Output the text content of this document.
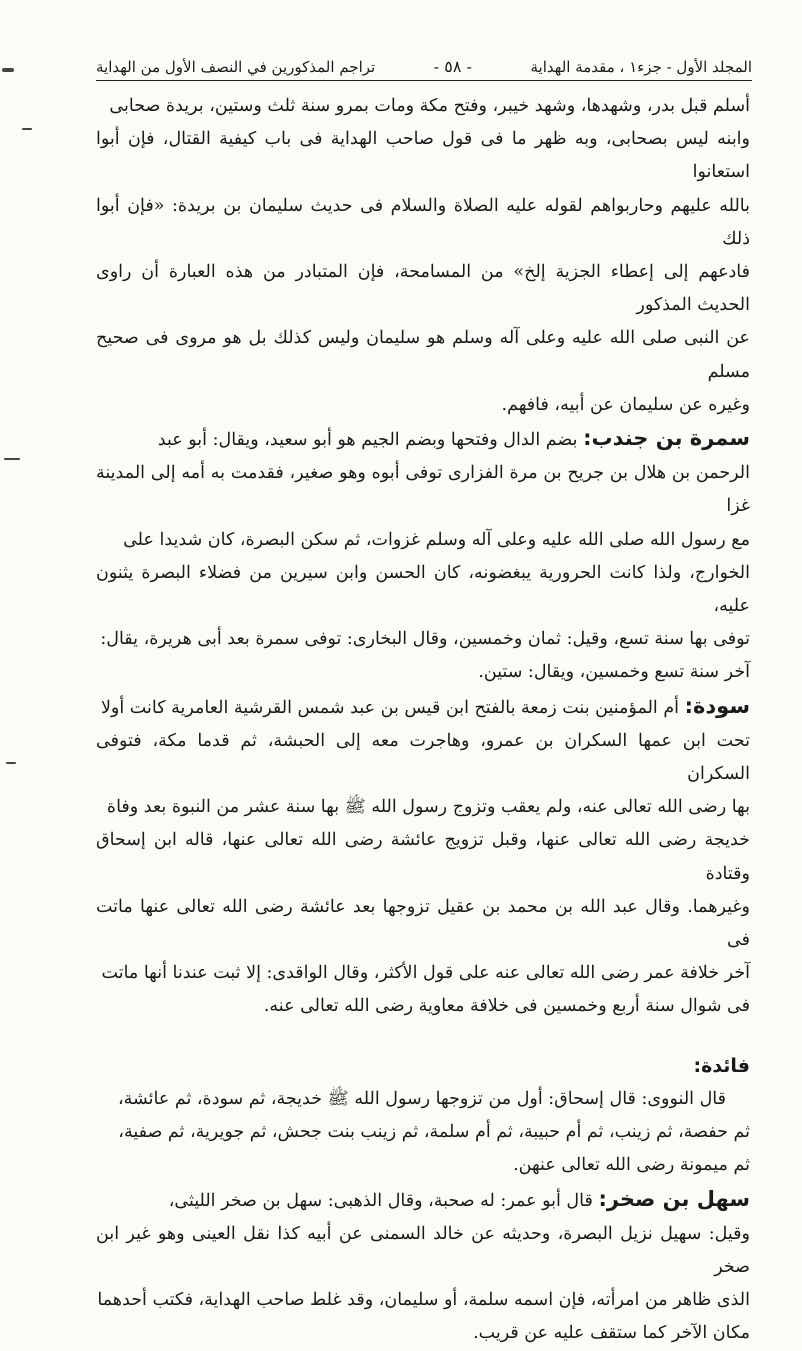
المجلد الأول - جزء١ ، مقدمة الهداية
- ٥٨ -
تراجم المذكورين في النصف الأول من الهداية

أسلم قبل بدر، وشهدها، وشهد خيبر، وفتح مكة ومات بمرو سنة ثلث وستين، بريدة صحابى

وابنه ليس بصحابى، وبه ظهر ما فى قول صاحب الهداية فى باب كيفية القتال، فإن أبوا استعانوا

بالله عليهم وحاربواهم لقوله عليه الصلاة والسلام فى حديث سليمان بن بريدة: «فإن أبوا ذلك

فادعهم إلى إعطاء الجزية إلخ» من المسامحة، فإن المتبادر من هذه العبارة أن راوى الحديث المذكور

عن النبى صلى الله عليه وعلى آله وسلم هو سليمان وليس كذلك بل هو مروى فى صحيح مسلم

وغيره عن سليمان عن أبيه، فافهم.

سمرة بن جندب: بضم الدال وفتحها وبضم الجيم هو أبو سعيد، ويقال: أبو عبد

الرحمن بن هلال بن جريح بن مرة الفزارى توفى أبوه وهو صغير، فقدمت به أمه إلى المدينة غزا

مع رسول الله صلى الله عليه وعلى آله وسلم غزوات، ثم سكن البصرة، كان شديدا على

الخوارج، ولذا كانت الحرورية يبغضونه، كان الحسن وابن سيرين من فضلاء البصرة يثنون عليه،

توفى بها سنة تسع، وقيل: ثمان وخمسين، وقال البخارى: توفى سمرة بعد أبى هريرة، يقال:

آخر سنة تسع وخمسين، ويقال: ستين.

سودة: أم المؤمنين بنت زمعة بالفتح ابن قيس بن عبد شمس القرشية العامرية كانت أولا

تحت ابن عمها السكران بن عمرو، وهاجرت معه إلى الحبشة، ثم قدما مكة، فتوفى السكران

بها رضى الله تعالى عنه، ولم يعقب وتزوج رسول الله ﷺ بها سنة عشر من النبوة بعد وفاة

خديجة رضى الله تعالى عنها، وقبل تزويج عائشة رضى الله تعالى عنها، قاله ابن إسحاق وقتادة

وغيرهما. وقال عبد الله بن محمد بن عقيل تزوجها بعد عائشة رضى الله تعالى عنها ماتت فى

آخر خلافة عمر رضى الله تعالى عنه على قول الأكثر، وقال الواقدى: إلا ثبت عندنا أنها ماتت

فى شوال سنة أربع وخمسين فى خلافة معاوية رضى الله تعالى عنه.

فائدة:

قال النووى: قال إسحاق: أول من تزوجها رسول الله ﷺ خديجة، ثم سودة، ثم عائشة،

ثم حفصة، ثم زينب، ثم أم حبيبة، ثم أم سلمة، ثم زينب بنت جحش، ثم جويرية، ثم صفية،

ثم ميمونة رضى الله تعالى عنهن.

سهل بن صخر: قال أبو عمر: له صحبة، وقال الذهبى: سهل بن صخر الليثى،

وقيل: سهيل نزيل البصرة، وحديثه عن خالد السمنى عن أبيه كذا نقل العينى وهو غير ابن صخر

الذى ظاهر من امرأته، فإن اسمه سلمة، أو سليمان، وقد غلط صاحب الهداية، فكتب أحدهما

مكان الآخر كما ستقف عليه عن قريب.
